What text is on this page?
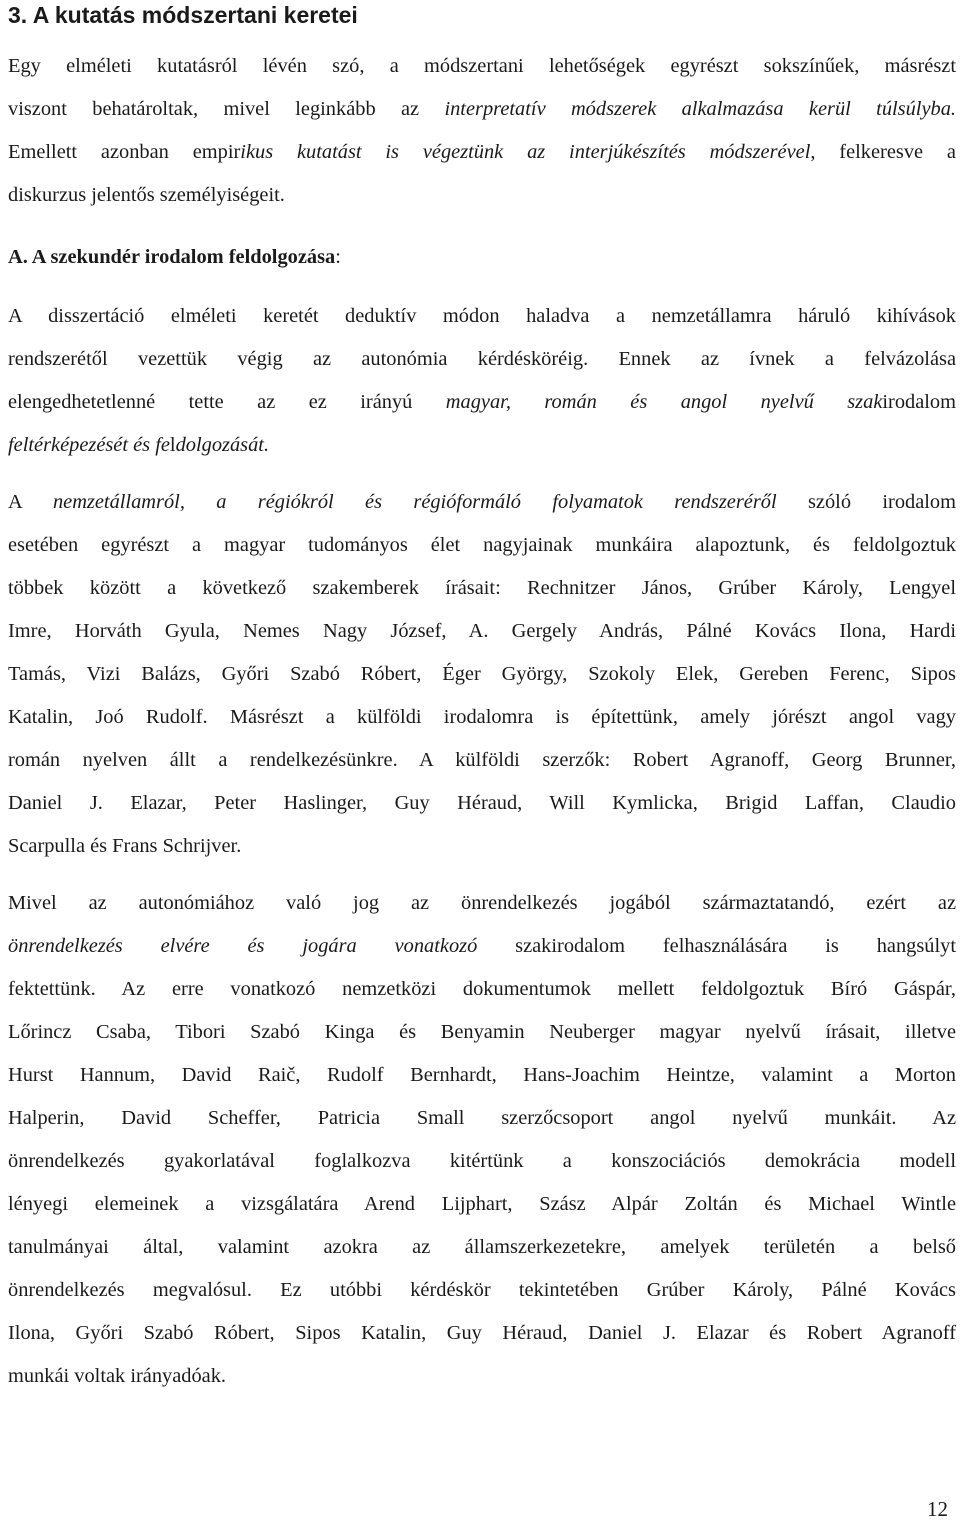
3. A kutatás módszertani keretei
Egy elméleti kutatásról lévén szó, a módszertani lehetőségek egyrészt sokszínűek, másrészt
viszont behatároltak, mivel leginkább az interpretatív módszerek alkalmazása kerül túlsúlyba.
Emellett azonban empirikus kutatást is végeztünk az interjúkészítés módszerével, felkeresve a
diskurzus jelentős személyiségeit.
A. A szekundér irodalom feldolgozása:
A disszertáció elméleti keretét deduktív módon haladva a nemzetállamra háruló kihívások
rendszerétől vezettük végig az autonómia kérdésköréig. Ennek az ívnek a felvázolása
elengedhetetlenné tette az ez irányú magyar, román és angol nyelvű szakirodalom
feltérképezését és feldolgozását.
A nemzetállamról, a régiókról és régióformáló folyamatok rendszeréről szóló irodalom
esetében egyrészt a magyar tudományos élet nagyjainak munkáira alapoztunk, és feldolgoztuk
többek között a következő szakemberek írásait: Rechnitzer János, Grúber Károly, Lengyel
Imre, Horváth Gyula, Nemes Nagy József, A. Gergely András, Pálné Kovács Ilona, Hardi
Tamás, Vizi Balázs, Győri Szabó Róbert, Éger György, Szokoly Elek, Gereben Ferenc, Sipos
Katalin, Joó Rudolf. Másrészt a külföldi irodalomra is építettünk, amely jórészt angol vagy
román nyelven állt a rendelkezésünkre. A külföldi szerzők: Robert Agranoff, Georg Brunner,
Daniel J. Elazar, Peter Haslinger, Guy Héraud, Will Kymlicka, Brigid Laffan, Claudio
Scarpulla és Frans Schrijver.
Mivel az autonómiához való jog az önrendelkezés jogából származtatandó, ezért az
önrendelkezés elvére és jogára vonatkozó szakirodalom felhasználására is hangsúlyt
fektettünk. Az erre vonatkozó nemzetközi dokumentumok mellett feldolgoztuk Bíró Gáspár,
Lőrincz Csaba, Tibori Szabó Kinga és Benyamin Neuberger magyar nyelvű írásait, illetve
Hurst Hannum, David Raič, Rudolf Bernhardt, Hans-Joachim Heintze, valamint a Morton
Halperin, David Scheffer, Patricia Small szerzőcsoport angol nyelvű munkáit. Az
önrendelkezés gyakorlatával foglalkozva kitértünk a konszociációs demokrácia modell
lényegi elemeinek a vizsgálatára Arend Lijphart, Szász Alpár Zoltán és Michael Wintle
tanulmányai által, valamint azokra az államszerkezetekre, amelyek területén a belső
önrendelkezés megvalósul. Ez utóbbi kérdéskör tekintetében Grúber Károly, Pálné Kovács
Ilona, Győri Szabó Róbert, Sipos Katalin, Guy Héraud, Daniel J. Elazar és Robert Agranoff
munkái voltak irányadóak.
12
